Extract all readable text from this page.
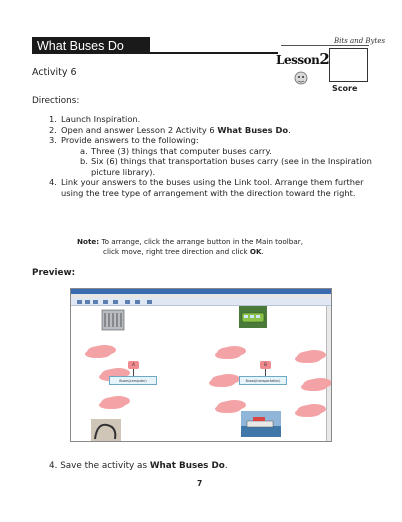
What Buses Do	Bits and Bytes
Lesson2
Score
Activity 6
Directions:
1. Launch Inspiration.
2. Open and answer Lesson 2 Activity 6 What Buses Do.
3. Provide answers to the following:
a. Three (3) things that computer buses carry.
b. Six (6) things that transportation buses carry (see in the Inspiration picture library).
4. Link your answers to the buses using the Link tool. Arrange them further using the tree type of arrangement with the direction toward the right.
Note: To arrange, click the arrange button in the Main toolbar,
click move, right tree direction and click OK.
Preview:
A
Buses(computer)
B
Buses(transportation)
4. Save the activity as What Buses Do.
7
